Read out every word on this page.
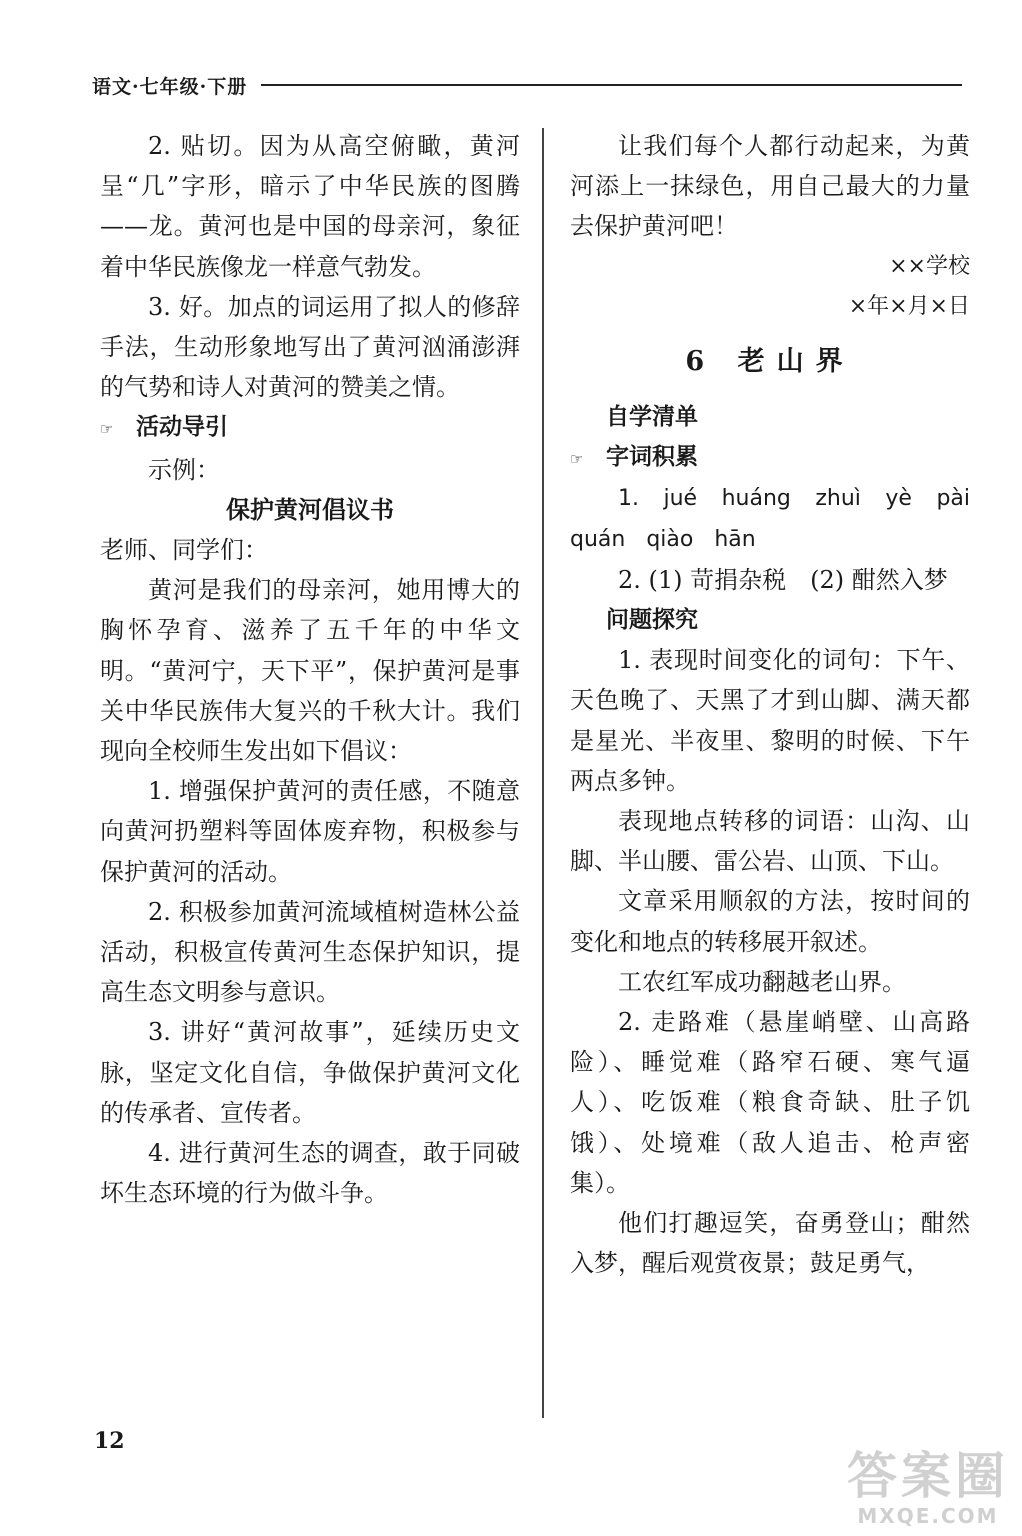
语文·七年级·下册

2. 贴切。因为从高空俯瞰，黄河呈“几”字形，暗示了中华民族的图腾——龙。黄河也是中国的母亲河，象征着中华民族像龙一样意气勃发。

3. 好。加点的词运用了拟人的修辞手法，生动形象地写出了黄河汹涌澎湃的气势和诗人对黄河的赞美之情。

☞ 活动导引

示例：

保护黄河倡议书

老师、同学们：

黄河是我们的母亲河，她用博大的胸怀孕育、滋养了五千年的中华文明。“黄河宁，天下平”，保护黄河是事关中华民族伟大复兴的千秋大计。我们现向全校师生发出如下倡议：

1. 增强保护黄河的责任感，不随意向黄河扔塑料等固体废弃物，积极参与保护黄河的活动。

2. 积极参加黄河流域植树造林公益活动，积极宣传黄河生态保护知识，提高生态文明参与意识。

3. 讲好“黄河故事”，延续历史文脉，坚定文化自信，争做保护黄河文化的传承者、宣传者。

4. 进行黄河生态的调查，敢于同破坏生态环境的行为做斗争。

让我们每个人都行动起来，为黄河添上一抹绿色，用自己最大的力量去保护黄河吧！

××学校

×年×月×日

6 老山界

自学清单

☞ 字词积累

1. jué huáng zhuì yè pài quán qiào hān

2. (1) 苛捐杂税　(2) 酣然入梦

问题探究

1. 表现时间变化的词句：下午、天色晚了、天黑了才到山脚、满天都是星光、半夜里、黎明的时候、下午两点多钟。

表现地点转移的词语：山沟、山脚、半山腰、雷公岩、山顶、下山。

文章采用顺叙的方法，按时间的变化和地点的转移展开叙述。

工农红军成功翻越老山界。

2. 走路难（悬崖峭壁、山高路险）、睡觉难（路窄石硬、寒气逼人）、吃饭难（粮食奇缺、肚子饥饿）、处境难（敌人追击、枪声密集）。

他们打趣逗笑，奋勇登山；酣然入梦，醒后观赏夜景；鼓足勇气，

12
答案圈
MXQE.COM
